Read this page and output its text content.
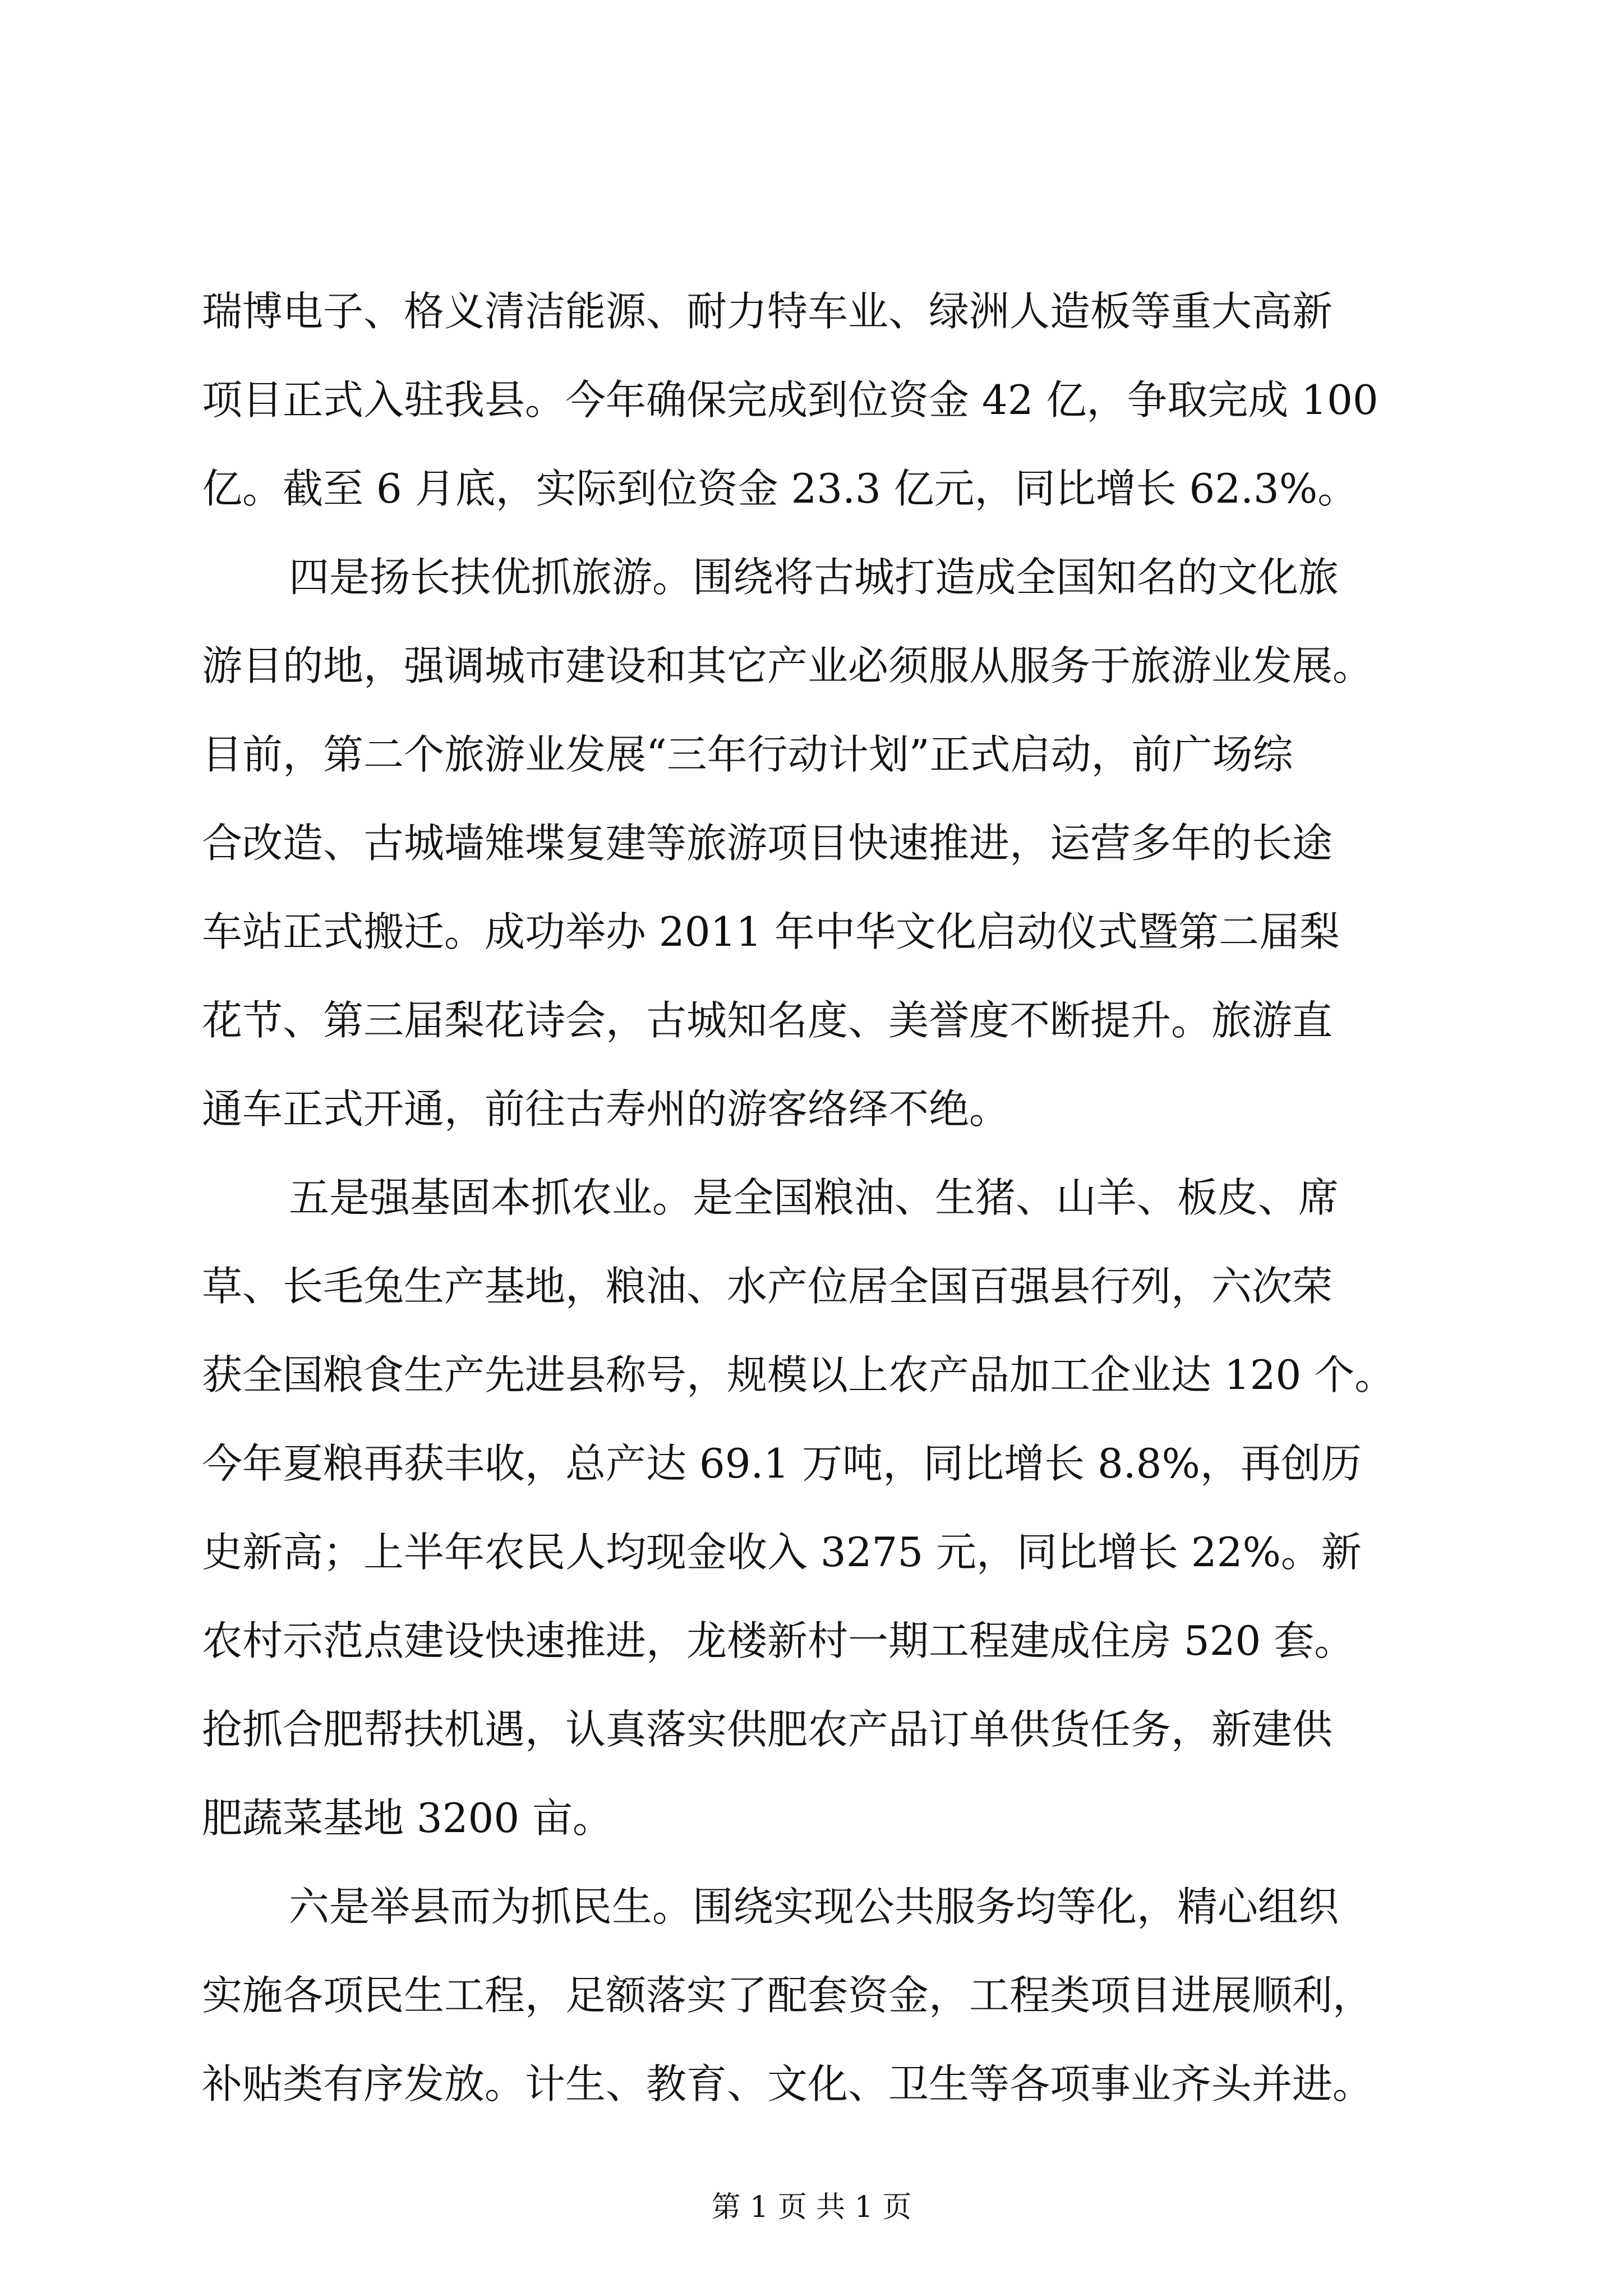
瑞博电子、格义清洁能源、耐力特车业、绿洲人造板等重大高新
项目正式入驻我县。今年确保完成到位资金 42 亿，争取完成 100
亿。截至 6 月底，实际到位资金 23.3 亿元，同比增长 62.3%。
四是扬长扶优抓旅游。围绕将古城打造成全国知名的文化旅
游目的地，强调城市建设和其它产业必须服从服务于旅游业发展。
目前，第二个旅游业发展“三年行动计划”正式启动，前广场综
合改造、古城墙雉堞复建等旅游项目快速推进，运营多年的长途
车站正式搬迁。成功举办 2011 年中华文化启动仪式暨第二届梨
花节、第三届梨花诗会，古城知名度、美誉度不断提升。旅游直
通车正式开通，前往古寿州的游客络绎不绝。
五是强基固本抓农业。是全国粮油、生猪、山羊、板皮、席
草、长毛兔生产基地，粮油、水产位居全国百强县行列，六次荣
获全国粮食生产先进县称号，规模以上农产品加工企业达 120 个。
今年夏粮再获丰收，总产达 69.1 万吨，同比增长 8.8%，再创历
史新高；上半年农民人均现金收入 3275 元，同比增长 22%。新
农村示范点建设快速推进，龙楼新村一期工程建成住房 520 套。
抢抓合肥帮扶机遇，认真落实供肥农产品订单供货任务，新建供
肥蔬菜基地 3200 亩。
六是举县而为抓民生。围绕实现公共服务均等化，精心组织
实施各项民生工程，足额落实了配套资金，工程类项目进展顺利，
补贴类有序发放。计生、教育、文化、卫生等各项事业齐头并进。
第 1 页 共 1 页
